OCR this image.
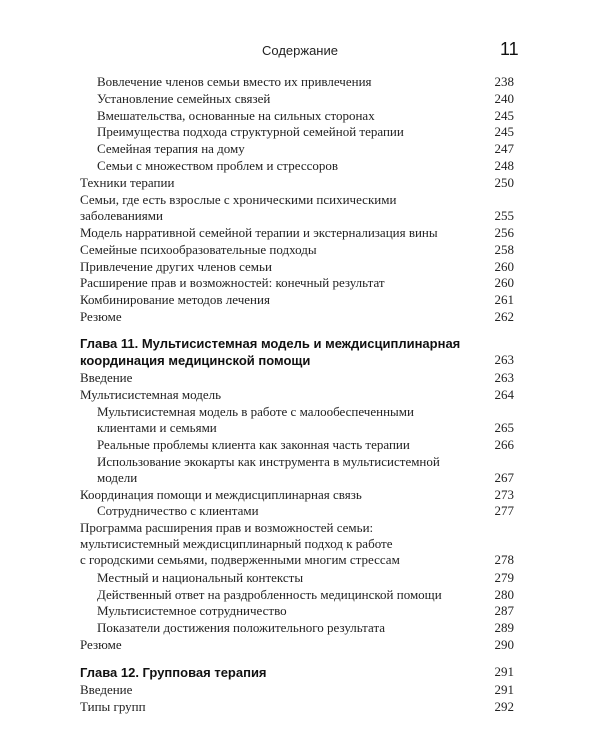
Содержание	11
Вовлечение членов семьи вместо их привлечения	238
Установление семейных связей	240
Вмешательства, основанные на сильных сторонах	245
Преимущества подхода структурной семейной терапии	245
Семейная терапия на дому	247
Семьи с множеством проблем и стрессоров	248
Техники терапии	250
Семьи, где есть взрослые с хроническими психическими
заболеваниями	255
Модель нарративной семейной терапии и экстернализация вины	256
Семейные психообразовательные подходы	258
Привлечение других членов семьи	260
Расширение прав и возможностей: конечный результат	260
Комбинирование методов лечения	261
Резюме	262
Глава 11. Мультисистемная модель и междисциплинарная
координация медицинской помощи	263
Введение	263
Мультисистемная модель	264
Мультисистемная модель в работе с малообеспеченными
клиентами и семьями	265
Реальные проблемы клиента как законная часть терапии	266
Использование экокарты как инструмента в мультисистемной
модели	267
Координация помощи и междисциплинарная связь	273
Сотрудничество с клиентами	277
Программа расширения прав и возможностей семьи:
мультисистемный междисциплинарный подход к работе
с городскими семьями, подверженными многим стрессам	278
Местный и национальный контексты	279
Действенный ответ на раздробленность медицинской помощи	280
Мультисистемное сотрудничество	287
Показатели достижения положительного результата	289
Резюме	290
Глава 12. Групповая терапия	291
Введение	291
Типы групп	292
